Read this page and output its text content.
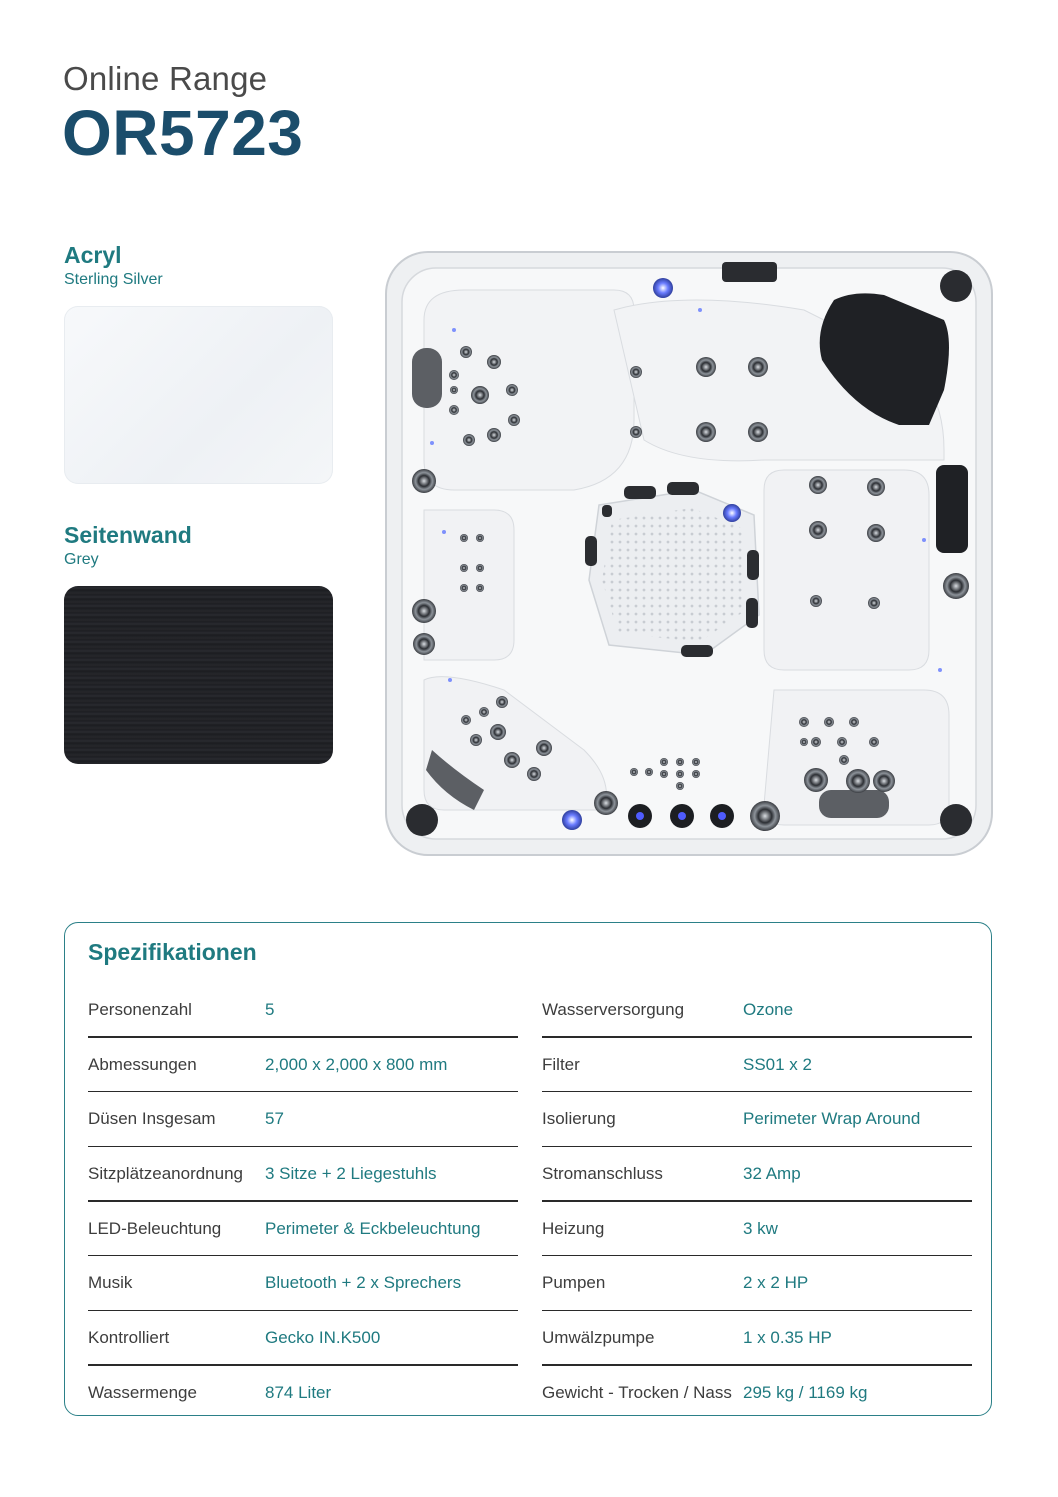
Online Range
OR5723
Acryl
Sterling Silver
Seitenwand
Grey
Spezifikationen
Personenzahl	5
Abmessungen	2,000 x 2,000 x 800 mm
Düsen Insgesam	57
Sitzplätzeanordnung 3 Sitze + 2 Liegestuhls
LED-Beleuchtung	Perimeter & Eckbeleuchtung
Musik	Bluetooth + 2 x Sprechers
Kontrolliert	Gecko IN.K500
Wassermenge	874 Liter
Wasserversorgung	Ozone
Filter	SS01 x 2
Isolierung	Perimeter Wrap Around
Stromanschluss	32 Amp
Heizung	3 kw
Pumpen	2 x 2 HP
Umwälzpumpe	1 x 0.35 HP
Gewicht - Trocken / Nass 295 kg / 1169 kg
